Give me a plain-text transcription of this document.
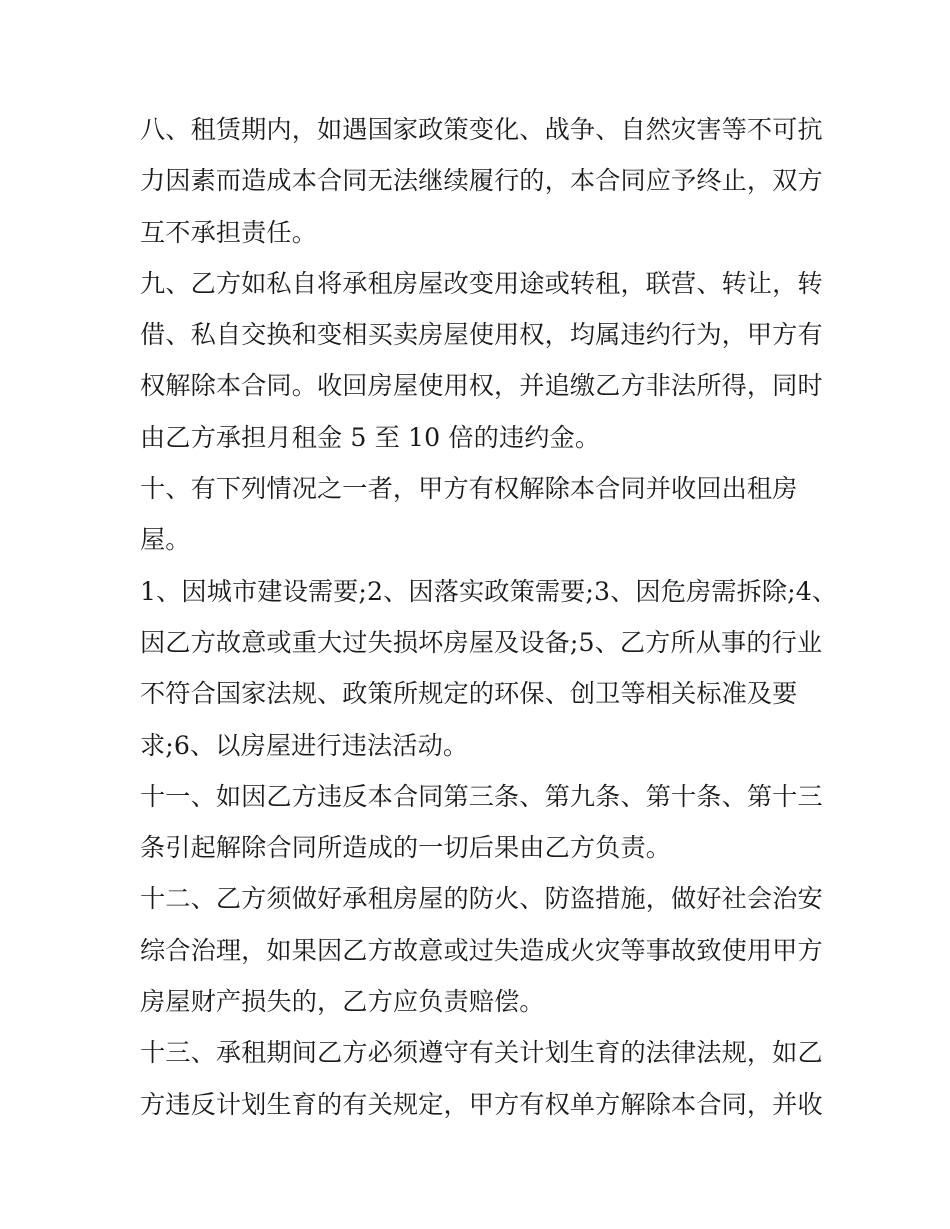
八、租赁期内，如遇国家政策变化、战争、自然灾害等不可抗
力因素而造成本合同无法继续履行的，本合同应予终止，双方
互不承担责任。
九、乙方如私自将承租房屋改变用途或转租，联营、转让，转
借、私自交换和变相买卖房屋使用权，均属违约行为，甲方有
权解除本合同。收回房屋使用权，并追缴乙方非法所得，同时
由乙方承担月租金 5 至 10 倍的违约金。
十、有下列情况之一者，甲方有权解除本合同并收回出租房
屋。
1、因城市建设需要;2、因落实政策需要;3、因危房需拆除;4、
因乙方故意或重大过失损坏房屋及设备;5、乙方所从事的行业
不符合国家法规、政策所规定的环保、创卫等相关标准及要
求;6、以房屋进行违法活动。
十一、如因乙方违反本合同第三条、第九条、第十条、第十三
条引起解除合同所造成的一切后果由乙方负责。
十二、乙方须做好承租房屋的防火、防盗措施，做好社会治安
综合治理，如果因乙方故意或过失造成火灾等事故致使用甲方
房屋财产损失的，乙方应负责赔偿。
十三、承租期间乙方必须遵守有关计划生育的法律法规，如乙
方违反计划生育的有关规定，甲方有权单方解除本合同，并收
